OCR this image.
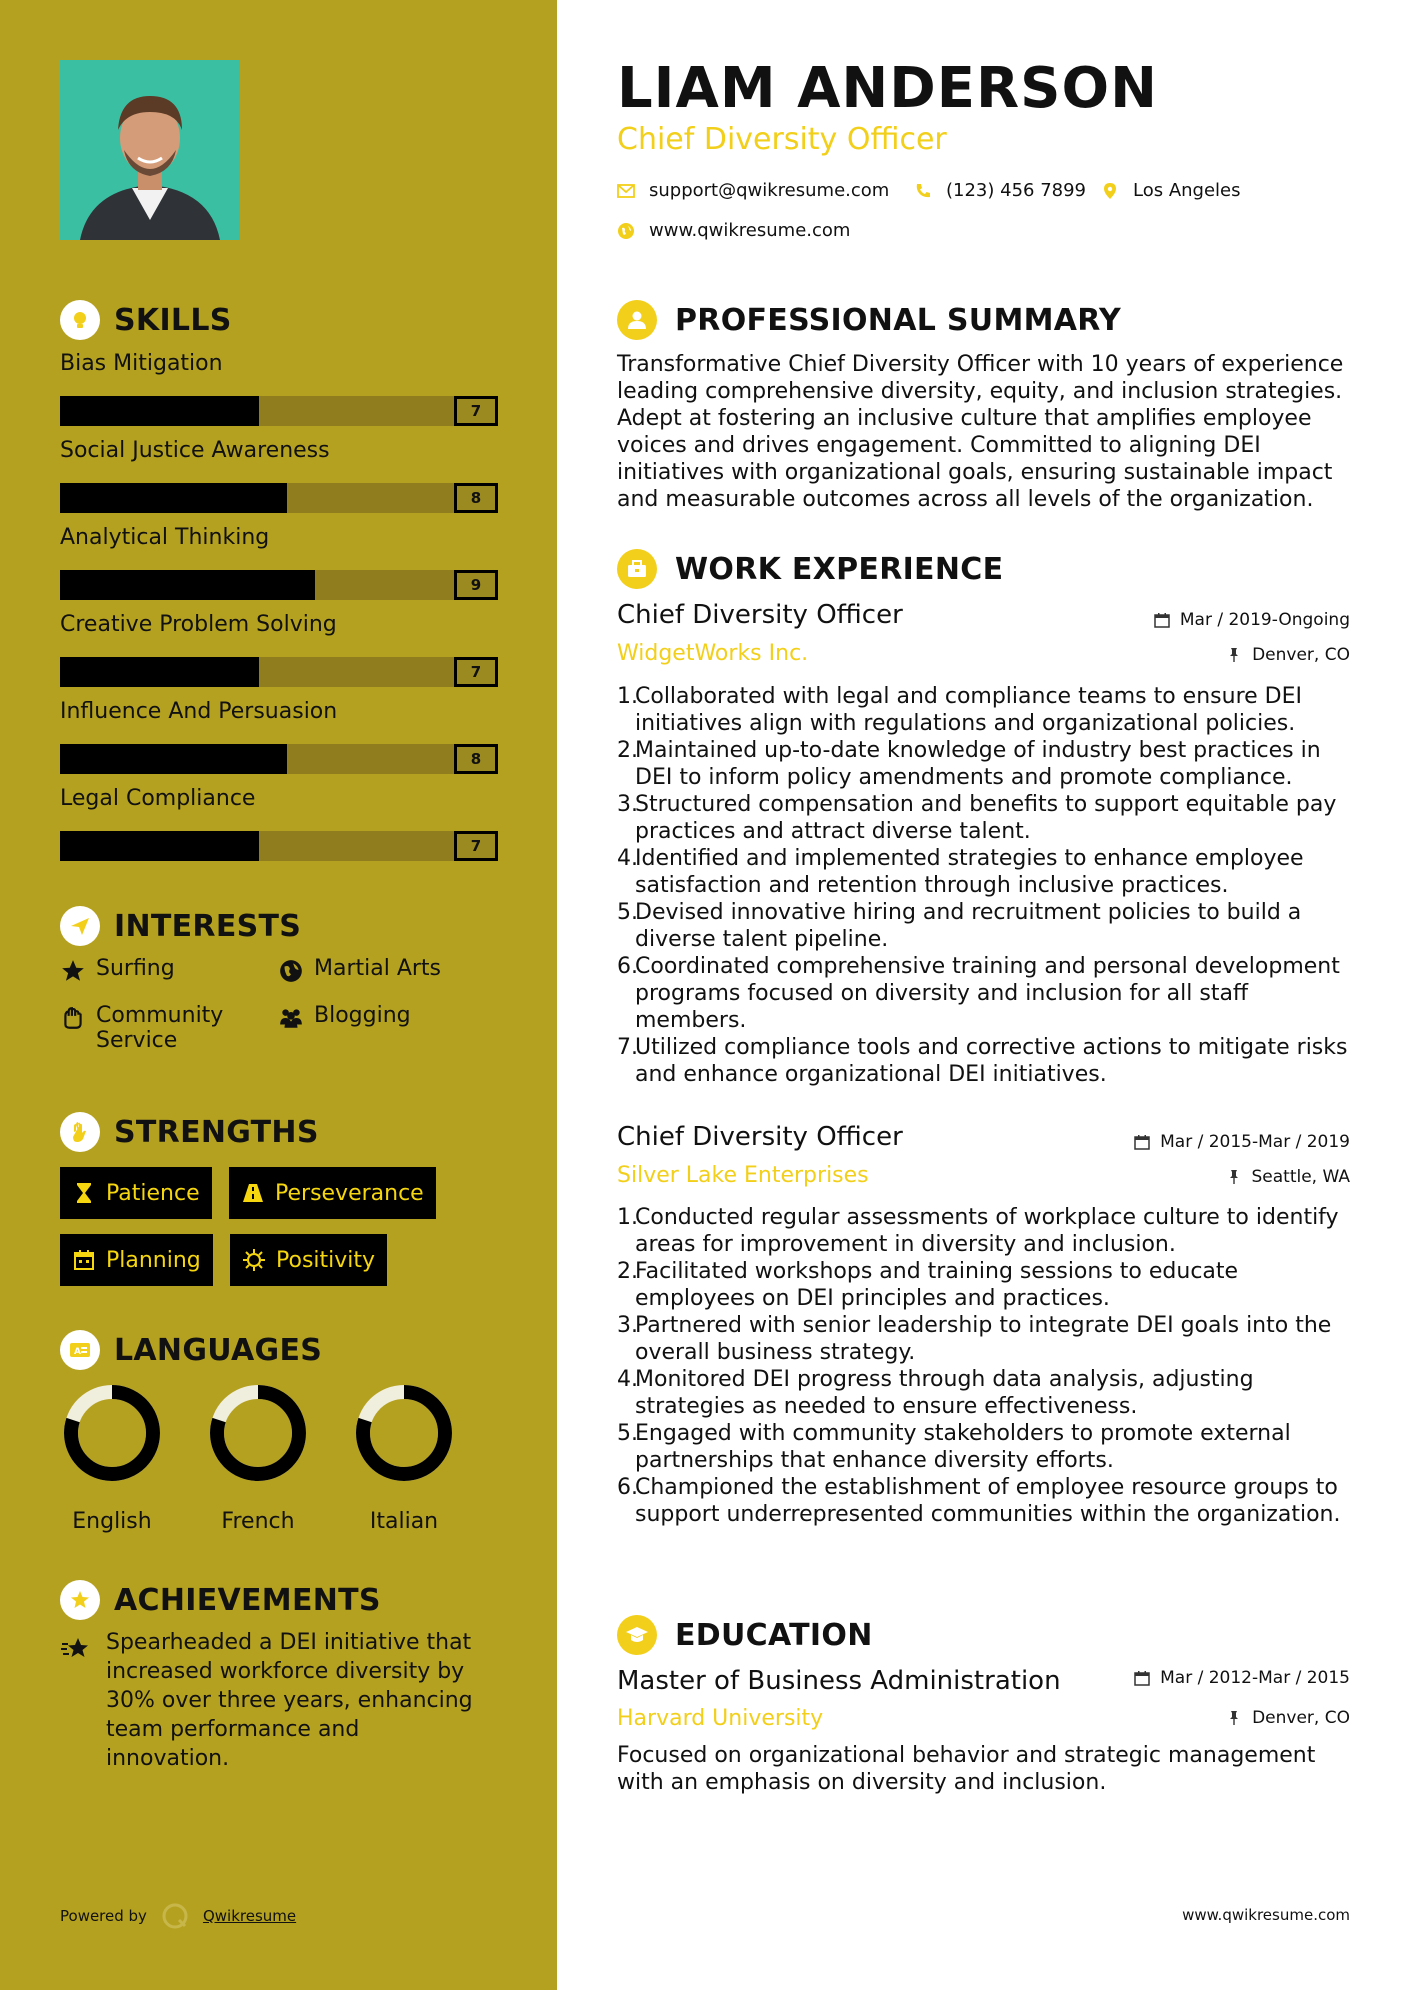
SKILLS
Bias Mitigation
7
Social Justice Awareness
8
Analytical Thinking
9
Creative Problem Solving
7
Influence And Persuasion
8
Legal Compliance
7
INTERESTS
Surfing	Martial Arts
Community Service
Blogging
STRENGTHS
Patience	Perseverance
Planning	Positivity
A LANGUAGES
English	French	Italian
ACHIEVEMENTS
Spearheaded a DEI initiative that increased workforce diversity by 30% over three years, enhancing team performance and innovation.
Powered by	Qwikresume
LIAM ANDERSON
Chief Diversity Officer
support@qwikresume.com	(123) 456 7899	Los Angeles
www.qwikresume.com
PROFESSIONAL SUMMARY
Transformative Chief Diversity Officer with 10 years of experience leading comprehensive diversity, equity, and inclusion strategies. Adept at fostering an inclusive culture that amplifies employee voices and drives engagement. Committed to aligning DEI initiatives with organizational goals, ensuring sustainable impact and measurable outcomes across all levels of the organization.
WORK EXPERIENCE
Chief Diversity Officer	Mar / 2019-Ongoing
WidgetWorks Inc.	Denver, CO
1.
Collaborated with legal and compliance teams to ensure DEI initiatives align with regulations and organizational policies.
2.
Maintained up-to-date knowledge of industry best practices in DEI to inform policy amendments and promote compliance.
3.
Structured compensation and benefits to support equitable pay practices and attract diverse talent.
4.
Identified and implemented strategies to enhance employee satisfaction and retention through inclusive practices.
5.
Devised innovative hiring and recruitment policies to build a diverse talent pipeline.
6.
Coordinated comprehensive training and personal development programs focused on diversity and inclusion for all staff members.
7.
Utilized compliance tools and corrective actions to mitigate risks and enhance organizational DEI initiatives.
Chief Diversity Officer	Mar / 2015-Mar / 2019
Silver Lake Enterprises	Seattle, WA
1.
Conducted regular assessments of workplace culture to identify areas for improvement in diversity and inclusion.
2.
Facilitated workshops and training sessions to educate employees on DEI principles and practices.
3.
Partnered with senior leadership to integrate DEI goals into the overall business strategy.
4.
Monitored DEI progress through data analysis, adjusting strategies as needed to ensure effectiveness.
5.
Engaged with community stakeholders to promote external partnerships that enhance diversity efforts.
6.
Championed the establishment of employee resource groups to support underrepresented communities within the organization.
EDUCATION
Master of Business Administration	Mar / 2012-Mar / 2015
Harvard University	Denver, CO
Focused on organizational behavior and strategic management with an emphasis on diversity and inclusion.
www.qwikresume.com
